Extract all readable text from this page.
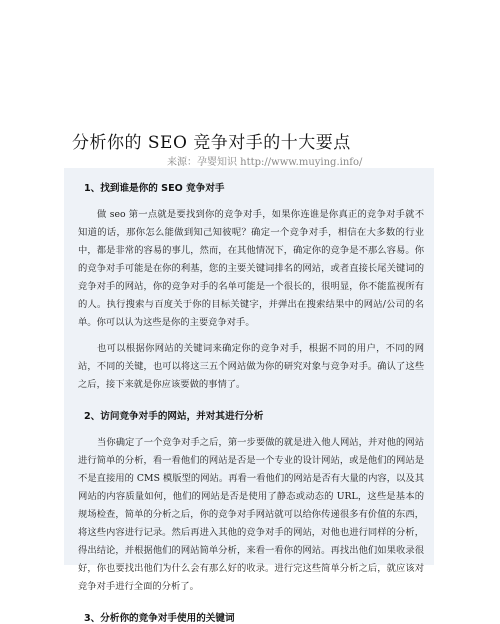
分析你的 SEO 竞争对手的十大要点
来源：孕婴知识 http://www.muying.info/
1、找到谁是你的 SEO 竞争对手

做 seo 第一点就是要找到你的竞争对手，如果你连谁是你真正的竞争对手就不知道的话，那你怎么能做到知己知彼呢？确定一个竞争对手，相信在大多数的行业中，都是非常的容易的事儿，然而，在其他情况下，确定你的竞争是不那么容易。你的竞争对手可能是在你的利基，您的主要关键词排名的网站，或者直接长尾关键词的竞争对手的网站，你的竞争对手的名单可能是一个很长的，很明显，你不能监视所有的人。执行搜索与百度关于你的目标关键字，并弹出在搜索结果中的网站/公司的名单。你可以认为这些是你的主要竞争对手。

也可以根据你网站的关键词来确定你的竞争对手，根据不同的用户，不同的网站，不同的关键，也可以将这三五个网站做为你的研究对象与竞争对手。确认了这些之后，接下来就是你应该要做的事情了。

2、访问竞争对手的网站，并对其进行分析

当你确定了一个竞争对手之后，第一步要做的就是进入他人网站，并对他的网站进行简单的分析，看一看他们的网站是否是一个专业的设计网站，或是他们的网站是不是直接用的 CMS 模版型的网站。再看一看他们的网站是否有大量的内容，以及其网站的内容质量如何，他们的网站是否是使用了静态或动态的 URL，这些是基本的规场检查，简单的分析之后，你的竞争对手网站就可以给你传递很多有价值的东西，将这些内容进行记录。然后再进入其他的竞争对手的网站，对他也进行同样的分析，得出结论，并根据他们的网站简单分析，来看一看你的网站。再找出他们如果收录很好，你也要找出他们为什么会有那么好的收录。进行完这些简单分析之后，就应该对竞争对手进行全面的分析了。

3、分析你的竞争对手使用的关键词
